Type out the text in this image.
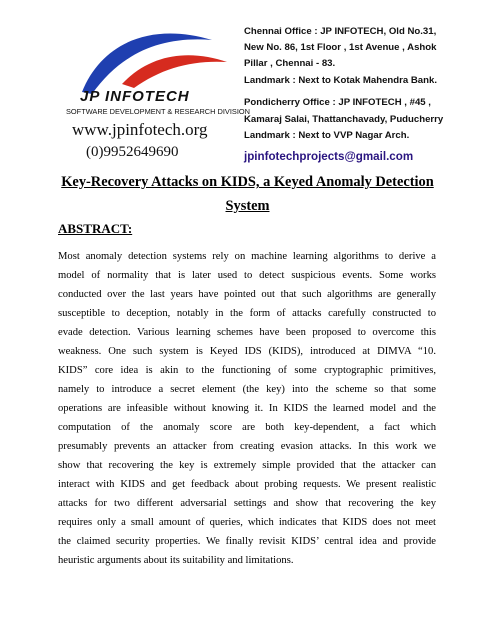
JP INFOTECH
SOFTWARE DEVELOPMENT & RESEARCH DIVISION
www.jpinfotech.org
(0)9952649690
Chennai Office : JP INFOTECH, Old No.31,
New No. 86, 1st Floor , 1st Avenue , Ashok
Pillar , Chennai - 83.
Landmark : Next to Kotak Mahendra Bank.
Pondicherry Office : JP INFOTECH , #45 ,
Kamaraj Salai, Thattanchavady, Puducherry
Landmark : Next to VVP Nagar Arch.
jpinfotechprojects@gmail.com
Key-Recovery Attacks on KIDS, a Keyed Anomaly Detection
System
ABSTRACT:
Most anomaly detection systems rely on machine learning algorithms to derive a
model of normality that is later used to detect suspicious events. Some works
conducted over the last years have pointed out that such algorithms are generally
susceptible to deception, notably in the form of attacks carefully constructed to
evade detection. Various learning schemes have been proposed to overcome this
weakness. One such system is Keyed IDS (KIDS), introduced at DIMVA “10.
KIDS” core idea is akin to the functioning of some cryptographic primitives,
namely to introduce a secret element (the key) into the scheme so that some
operations are infeasible without knowing it. In KIDS the learned model and the
computation of the anomaly score are both key-dependent, a fact which
presumably prevents an attacker from creating evasion attacks. In this work we
show that recovering the key is extremely simple provided that the attacker can
interact with KIDS and get feedback about probing requests. We present realistic
attacks for two different adversarial settings and show that recovering the key
requires only a small amount of queries, which indicates that KIDS does not meet
the claimed security properties. We finally revisit KIDS’ central idea and provide
heuristic arguments about its suitability and limitations.
